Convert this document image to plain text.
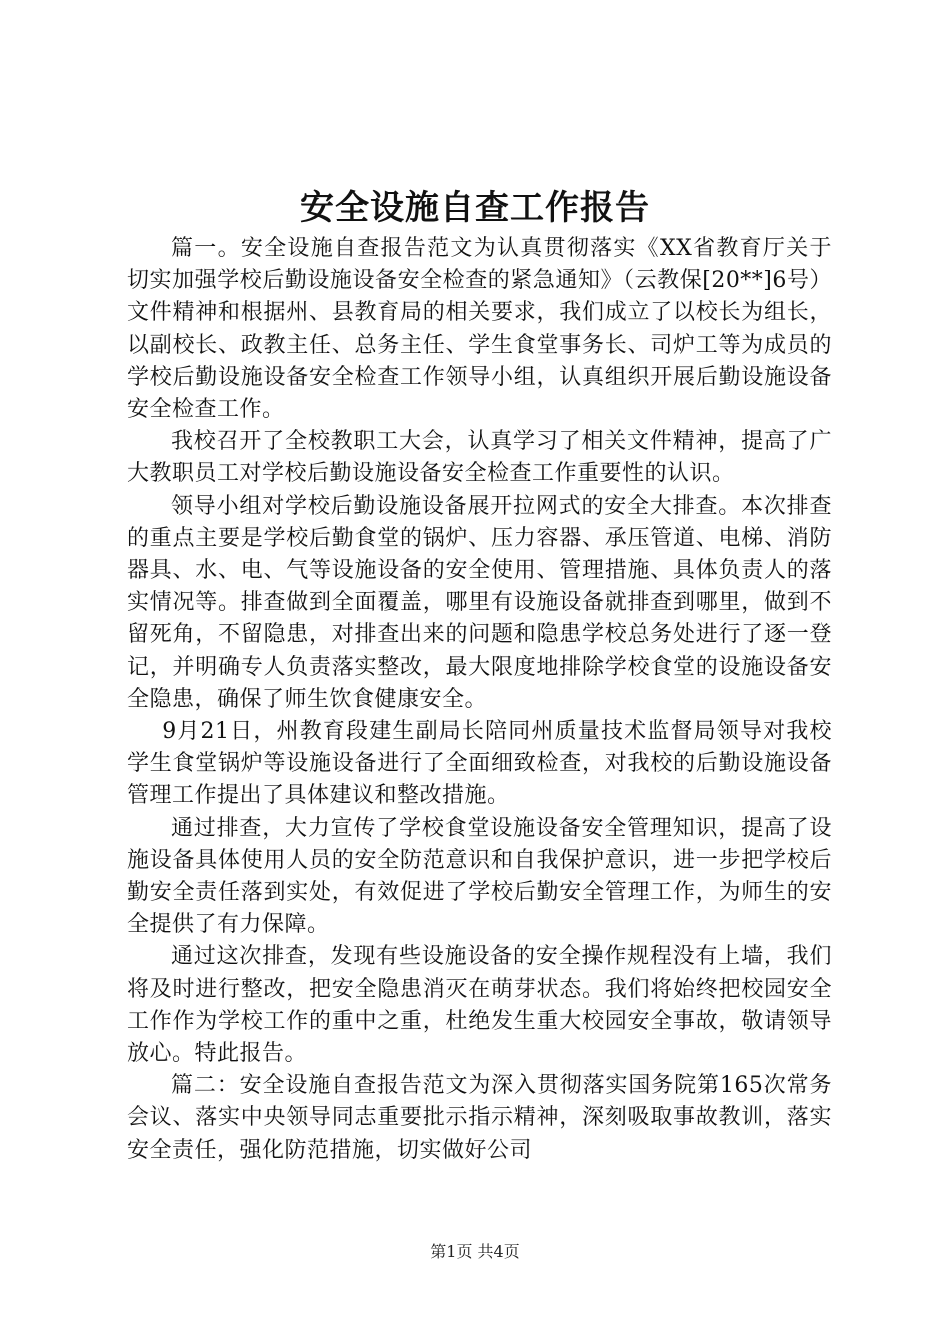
安全设施自查工作报告

篇一。安全设施自查报告范文为认真贯彻落实《XX省教育厅关于切实加强学校后勤设施设备安全检查的紧急通知》（云教保[20**]6号）文件精神和根据州、县教育局的相关要求，我们成立了以校长为组长，以副校长、政教主任、总务主任、学生食堂事务长、司炉工等为成员的学校后勤设施设备安全检查工作领导小组，认真组织开展后勤设施设备安全检查工作。

我校召开了全校教职工大会，认真学习了相关文件精神，提高了广大教职员工对学校后勤设施设备安全检查工作重要性的认识。

领导小组对学校后勤设施设备展开拉网式的安全大排查。本次排查的重点主要是学校后勤食堂的锅炉、压力容器、承压管道、电梯、消防器具、水、电、气等设施设备的安全使用、管理措施、具体负责人的落实情况等。排查做到全面覆盖，哪里有设施设备就排查到哪里，做到不留死角，不留隐患，对排查出来的问题和隐患学校总务处进行了逐一登记，并明确专人负责落实整改，最大限度地排除学校食堂的设施设备安全隐患，确保了师生饮食健康安全。

9月21日，州教育段建生副局长陪同州质量技术监督局领导对我校学生食堂锅炉等设施设备进行了全面细致检查，对我校的后勤设施设备管理工作提出了具体建议和整改措施。

通过排查，大力宣传了学校食堂设施设备安全管理知识，提高了设施设备具体使用人员的安全防范意识和自我保护意识，进一步把学校后勤安全责任落到实处，有效促进了学校后勤安全管理工作，为师生的安全提供了有力保障。

通过这次排查，发现有些设施设备的安全操作规程没有上墙，我们将及时进行整改，把安全隐患消灭在萌芽状态。我们将始终把校园安全工作作为学校工作的重中之重，杜绝发生重大校园安全事故，敬请领导放心。特此报告。

篇二：安全设施自查报告范文为深入贯彻落实国务院第165次常务会议、落实中央领导同志重要批示指示精神，深刻吸取事故教训，落实安全责任，强化防范措施，切实做好公司

第1页 共4页
